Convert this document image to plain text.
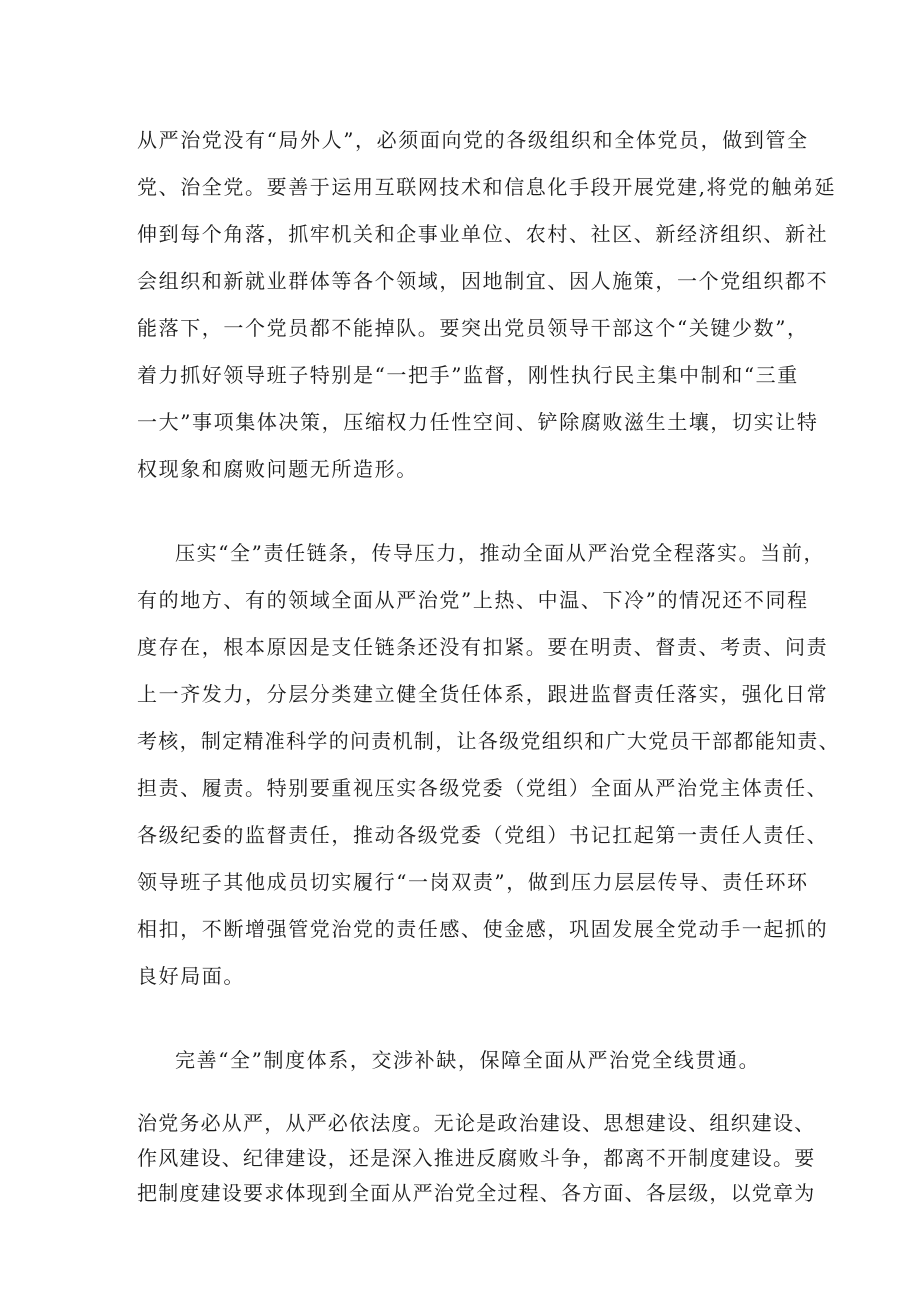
从严治党没有“局外人”，必须面向党的各级组织和全体党员，做到管全
党、治全党。要善于运用互联网技术和信息化手段开展党建,将党的触弟延
伸到每个角落，抓牢机关和企事业单位、农村、社区、新经济组织、新社
会组织和新就业群体等各个领域，因地制宜、因人施策，一个党组织都不
能落下，一个党员都不能掉队。要突出党员领导干部这个“关键少数”，
着力抓好领导班子特别是“一把手”监督，刚性执行民主集中制和“三重
一大”事项集体决策，压缩权力任性空间、铲除腐败滋生土壤，切实让特
权现象和腐败问题无所造形。
压实“全”责任链条，传导压力，推动全面从严治党全程落实。当前，
有的地方、有的领域全面从严治党”上热、中温、下冷”的情况还不同程
度存在，根本原因是支任链条还没有扣紧。要在明责、督责、考责、问责
上一齐发力，分层分类建立健全货任体系，跟进监督责任落实，强化日常
考核，制定精准科学的问责机制，让各级党组织和广大党员干部都能知责、
担责、履责。特别要重视压实各级党委（党组）全面从严治党主体责任、
各级纪委的监督责任，推动各级党委（党组）书记扛起第一责任人责任、
领导班子其他成员切实履行“一岗双责”，做到压力层层传导、责任环环
相扣，不断增强管党治党的责任感、使金感，巩固发展全党动手一起抓的
良好局面。
完善“全”制度体系，交涉补缺，保障全面从严治党全线贯通。
治党务必从严，从严必依法度。无论是政治建设、思想建设、组织建设、
作风建设、纪律建设，还是深入推进反腐败斗争，都离不开制度建设。要
把制度建设要求体现到全面从严治党全过程、各方面、各层级，以党章为
